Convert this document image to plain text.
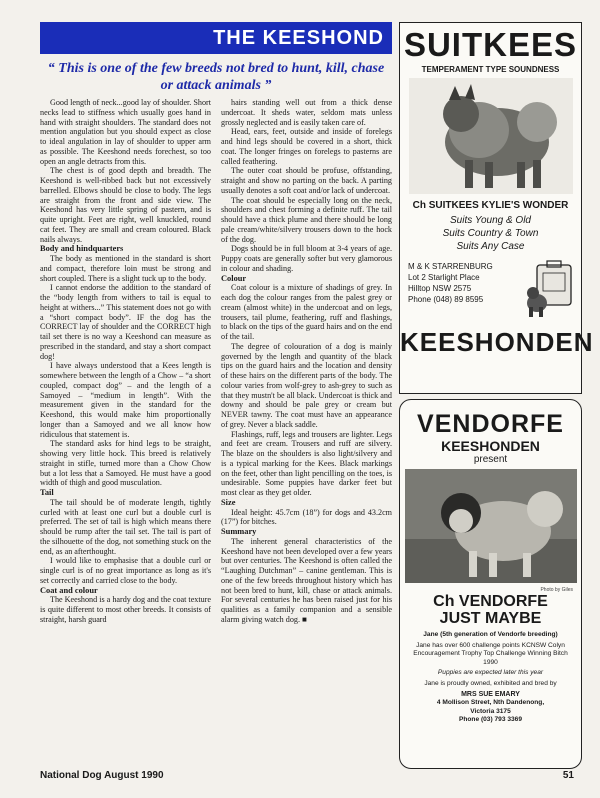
THE KEESHOND
“ This is one of the few breeds not bred to hunt, kill, chase or attack animals ”

Good length of neck...good lay of shoulder. Short necks lead to stiffness which usually goes hand in hand with straight shoulders. The standard does not mention angulation but you should expect as close to ideal angulation in lay of shoulder to upper arm as possible. The Keeshond needs forechest, so too open an angle detracts from this.

The chest is of good depth and breadth. The Keeshond is well-ribbed back but not excessively barrelled. Elbows should be close to body. The legs are straight from the front and side view. The Keeshond has very little spring of pastern, and is quite upright. Feet are right, well knuckled, round cat feet. They are small and cream coloured. Black nails always.

Body and hindquarters

The body as mentioned in the standard is short and compact, therefore loin must be strong and short coupled. There is a slight tuck up to the body.

I cannot endorse the addition to the standard of the “body length from withers to tail is equal to height at withers...” This statement does not go with a “short compact body”. IF the dog has the CORRECT lay of shoulder and the CORRECT high tail set there is no way a Keeshond can measure as prescribed in the standard, and stay a short compact dog!

I have always understood that a Kees length is somewhere between the length of a Chow – “a short coupled, compact dog” – and the length of a Samoyed – “medium in length”. With the measurement given in the standard for the Keeshond, this would make him proportionally longer than a Samoyed and we all know how ridiculous that statement is.

The standard asks for hind legs to be straight, showing very little hock. This breed is relatively straight in stifle, turned more than a Chow Chow but a lot less that a Samoyed. He must have a good width of thigh and good musculation.

Tail

The tail should be of moderate length, tightly curled with at least one curl but a double curl is preferred. The set of tail is high which means there should be rump after the tail set. The tail is part of the silhouette of the dog, not something stuck on the end, as an afterthought.

I would like to emphasise that a double curl or single curl is of no great importance as long as it's set correctly and carried close to the body.

Coat and colour

The Keeshond is a hardy dog and the coat texture is quite different to most other breeds. It consists of straight, harsh guard

hairs standing well out from a thick dense undercoat. It sheds water, seldom mats unless grossly neglected and is easily taken care of.

Head, ears, feet, outside and inside of forelegs and hind legs should be covered in a short, thick coat. The longer fringes on forelegs to pasterns are called feathering.

The outer coat should be profuse, offstanding, straight and show no parting on the back. A parting usually denotes a soft coat and/or lack of undercoat.

The coat should be especially long on the neck, shoulders and chest forming a definite ruff. The tail should have a thick plume and there should be long pale cream/white/silvery trousers down to the hock of the dog.

Dogs should be in full bloom at 3-4 years of age. Puppy coats are generally softer but very glamorous in colour and shading.

Colour

Coat colour is a mixture of shadings of grey. In each dog the colour ranges from the palest grey or cream (almost white) in the undercoat and on legs, trousers, tail plume, feathering, ruff and flashings, to black on the tips of the guard hairs and on the end of the tail.

The degree of colouration of a dog is mainly governed by the length and quantity of the black tips on the guard hairs and the location and density of these hairs on the different parts of the body. The colour varies from wolf-grey to ash-grey to such as that they mustn't be all black. Undercoat is thick and downy and should be pale grey or cream but NEVER tawny. The coat must have an appearance of grey. Never a black saddle.

Flashings, ruff, legs and trousers are lighter. Legs and feet are cream. Trousers and ruff are silvery. The blaze on the shoulders is also light/silvery and is a typical marking for the Kees. Black markings on the feet, other than light pencilling on the toes, is undesirable. Some puppies have darker feet but most clear as they get older.

Size

Ideal height: 45.7cm (18”) for dogs and 43.2cm (17”) for bitches.

Summary

The inherent general characteristics of the Keeshond have not been developed over a few years but over centuries. The Keeshond is often called the “Laughing Dutchman” – canine gentleman. This is one of the few breeds throughout history which has not been bred to hunt, kill, chase or attack animals. For several centuries he has been raised just for his qualities as a family companion and a sensible alarm giving watch dog. ■

SUITKEES
TEMPERAMENT TYPE SOUNDNESS
Ch SUITKEES KYLIE'S WONDER
Suits Young & Old
Suits Country & Town
Suits Any Case
M & K STARRENBURG
Lot 2 Starlight Place
Hilltop NSW 2575
Phone (048) 89 8595
KEESHONDEN
VENDORFE
KEESHONDEN
present
Photo by Giles
Ch VENDORFE
JUST MAYBE
Jane (5th generation of Vendorfe breeding)
Jane has over 600 challenge points KCNSW Colyn Encouragement Trophy Top Challenge Winning Bitch 1990
Puppies are expected later this year
Jane is proudly owned, exhibited and bred by
MRS SUE EMARY
4 Mollison Street, Nth Dandenong,
Victoria 3175
Phone (03) 793 3369
National Dog August 1990	51
